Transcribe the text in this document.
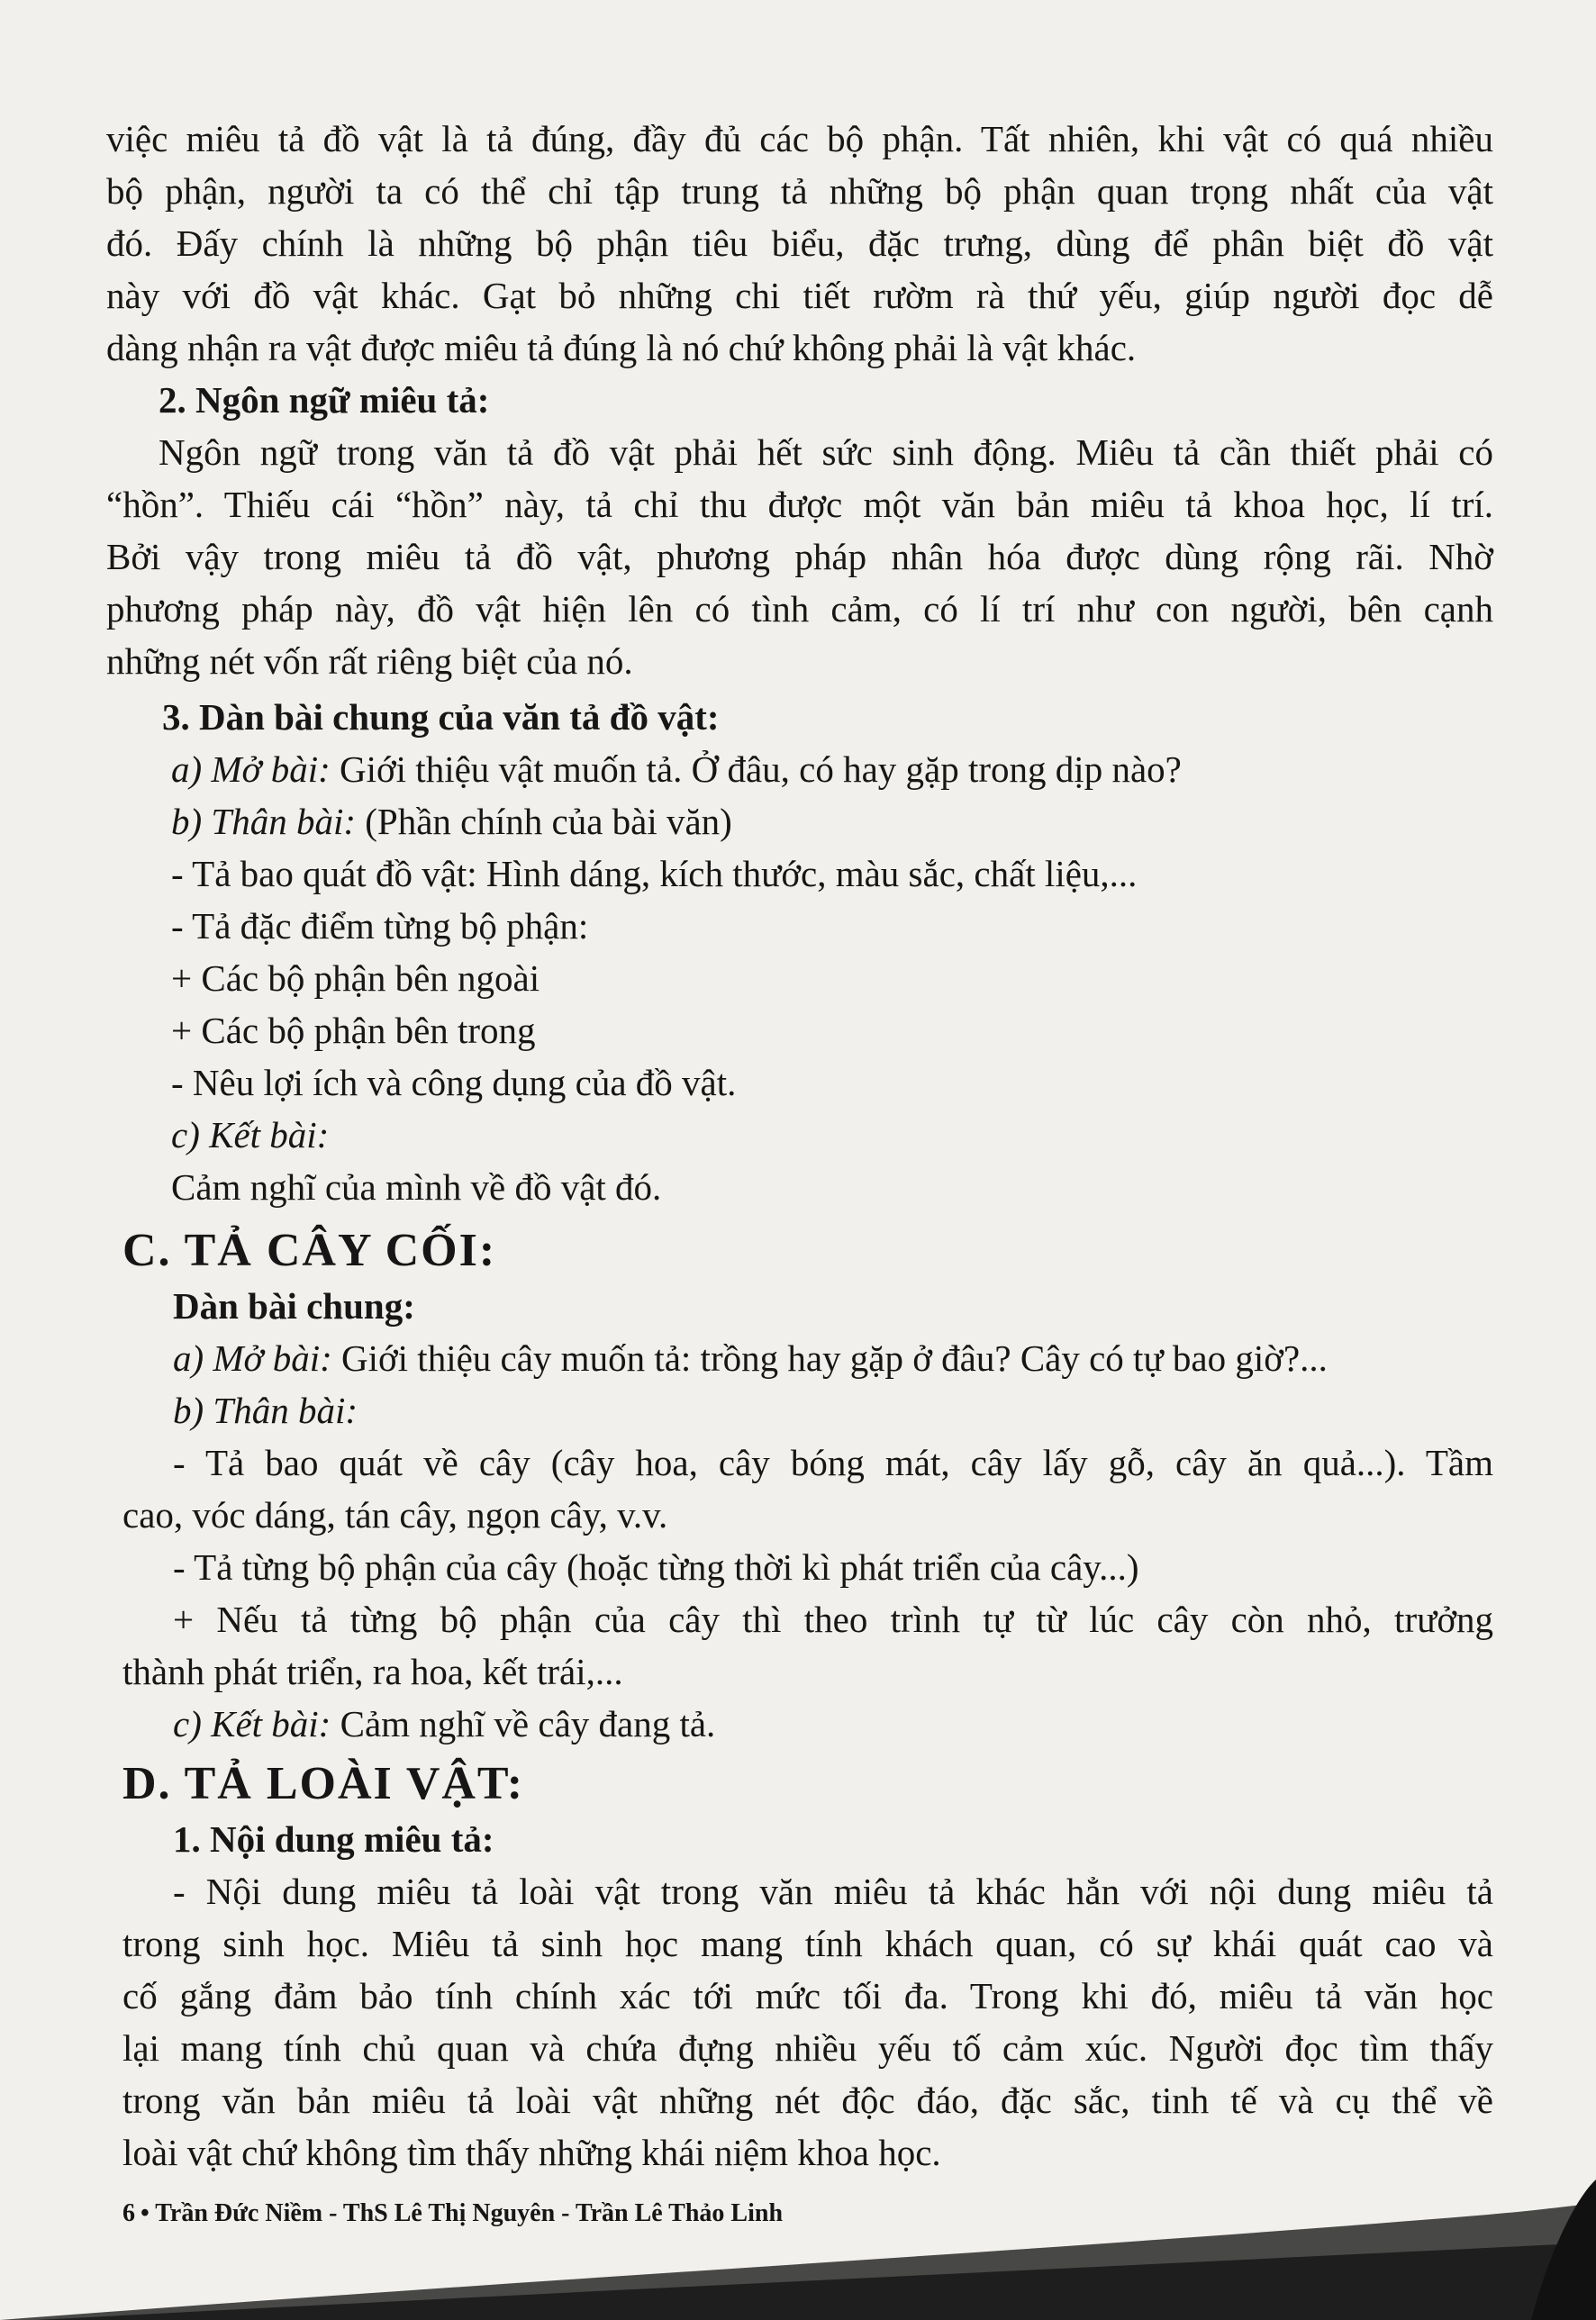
việc miêu tả đồ vật là tả đúng, đầy đủ các bộ phận. Tất nhiên, khi vật có quá nhiều

bộ phận, người ta có thể chỉ tập trung tả những bộ phận quan trọng nhất của vật

đó. Đấy chính là những bộ phận tiêu biểu, đặc trưng, dùng để phân biệt đồ vật

này với đồ vật khác. Gạt bỏ những chi tiết rườm rà thứ yếu, giúp người đọc dễ

dàng nhận ra vật được miêu tả đúng là nó chứ không phải là vật khác.

2. Ngôn ngữ miêu tả:

Ngôn ngữ trong văn tả đồ vật phải hết sức sinh động. Miêu tả cần thiết phải có

“hồn”. Thiếu cái “hồn” này, tả chỉ thu được một văn bản miêu tả khoa học, lí trí.

Bởi vậy trong miêu tả đồ vật, phương pháp nhân hóa được dùng rộng rãi. Nhờ

phương pháp này, đồ vật hiện lên có tình cảm, có lí trí như con người, bên cạnh

những nét vốn rất riêng biệt của nó.

3. Dàn bài chung của văn tả đồ vật:

a) Mở bài: Giới thiệu vật muốn tả. Ở đâu, có hay gặp trong dịp nào?

b) Thân bài: (Phần chính của bài văn)

- Tả bao quát đồ vật: Hình dáng, kích thước, màu sắc, chất liệu,...

- Tả đặc điểm từng bộ phận:

+ Các bộ phận bên ngoài

+ Các bộ phận bên trong

- Nêu lợi ích và công dụng của đồ vật.

c) Kết bài:

Cảm nghĩ của mình về đồ vật đó.

C. TẢ CÂY CỐI:

Dàn bài chung:

a) Mở bài: Giới thiệu cây muốn tả: trồng hay gặp ở đâu? Cây có tự bao giờ?...

b) Thân bài:

- Tả bao quát về cây (cây hoa, cây bóng mát, cây lấy gỗ, cây ăn quả...). Tầm

cao, vóc dáng, tán cây, ngọn cây, v.v.

- Tả từng bộ phận của cây (hoặc từng thời kì phát triển của cây...)

+ Nếu tả từng bộ phận của cây thì theo trình tự từ lúc cây còn nhỏ, trưởng

thành phát triển, ra hoa, kết trái,...

c) Kết bài: Cảm nghĩ về cây đang tả.

D. TẢ LOÀI VẬT:

1. Nội dung miêu tả:

- Nội dung miêu tả loài vật trong văn miêu tả khác hẳn với nội dung miêu tả

trong sinh học. Miêu tả sinh học mang tính khách quan, có sự khái quát cao và

cố gắng đảm bảo tính chính xác tới mức tối đa. Trong khi đó, miêu tả văn học

lại mang tính chủ quan và chứa đựng nhiều yếu tố cảm xúc. Người đọc tìm thấy

trong văn bản miêu tả loài vật những nét độc đáo, đặc sắc, tinh tế và cụ thể về

loài vật chứ không tìm thấy những khái niệm khoa học.

6 • Trần Đức Niềm - ThS Lê Thị Nguyên - Trần Lê Thảo Linh
